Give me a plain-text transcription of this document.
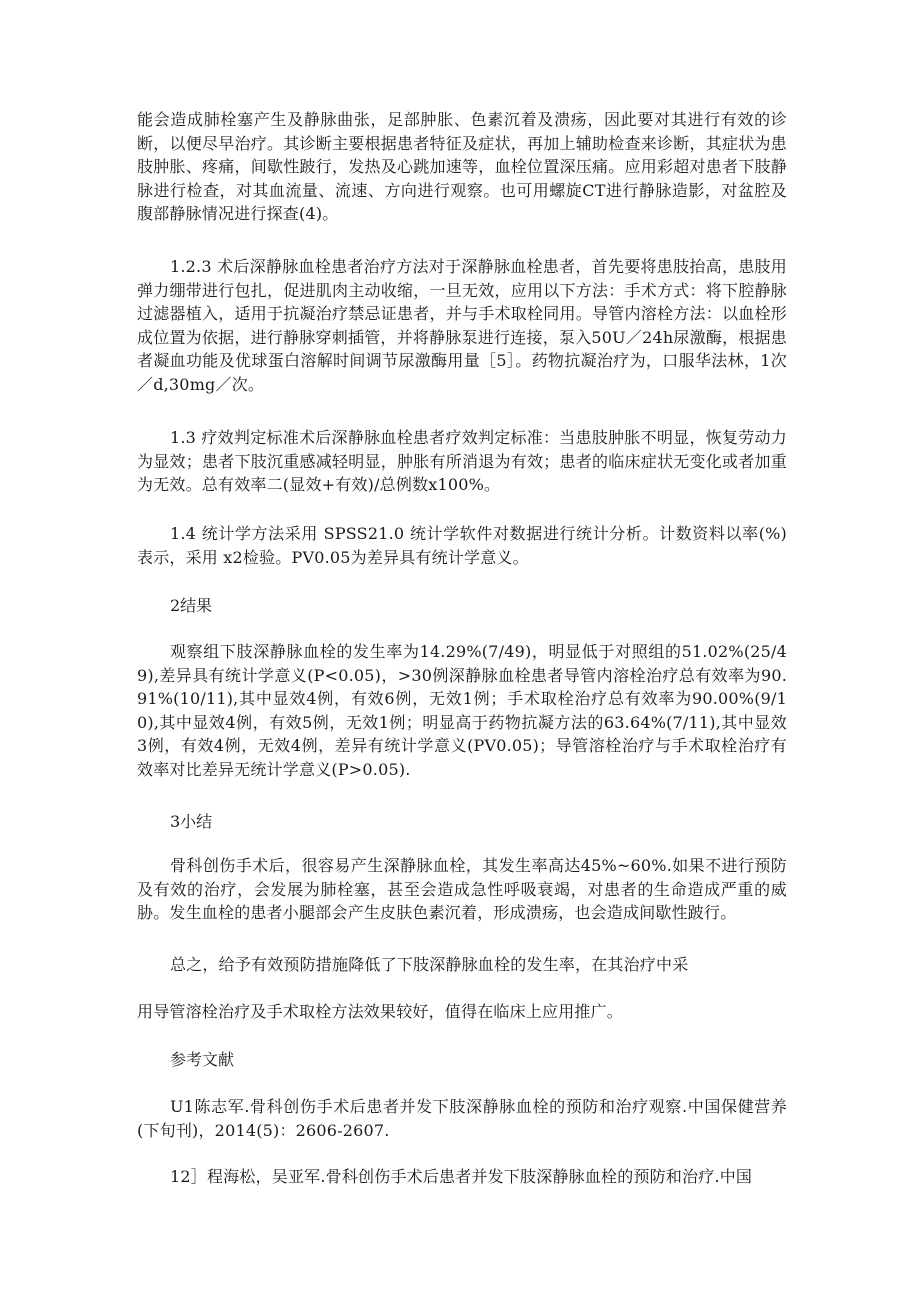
能会造成肺栓塞产生及静脉曲张，足部肿胀、色素沉着及溃疡，因此要对其进行有效的诊断，以便尽早治疗。其诊断主要根据患者特征及症状，再加上辅助检查来诊断，其症状为患肢肿胀、疼痛，间歇性跛行，发热及心跳加速等，血栓位置深压痛。应用彩超对患者下肢静脉进行检查，对其血流量、流速、方向进行观察。也可用螺旋CT进行静脉造影，对盆腔及腹部静脉情况进行探查(4)。

1.2.3 术后深静脉血栓患者治疗方法对于深静脉血栓患者，首先要将患肢抬高，患肢用弹力绷带进行包扎，促进肌肉主动收缩，一旦无效，应用以下方法：手术方式：将下腔静脉过滤器植入，适用于抗凝治疗禁忌证患者，并与手术取栓同用。导管内溶栓方法：以血栓形成位置为依据，进行静脉穿刺插管，并将静脉泵进行连接，泵入50U／24h尿激酶，根据患者凝血功能及优球蛋白溶解时间调节尿激酶用量［5］。药物抗凝治疗为，口服华法林，1次／d,30mg／次。

1.3 疗效判定标准术后深静脉血栓患者疗效判定标准：当患肢肿胀不明显，恢复劳动力为显效；患者下肢沉重感减轻明显，肿胀有所消退为有效；患者的临床症状无变化或者加重为无效。总有效率二(显效+有效)/总例数x100%。

1.4 统计学方法采用 SPSS21.0 统计学软件对数据进行统计分析。计数资料以率(%)表示，采用 x2检验。PV0.05为差异具有统计学意义。

2结果

观察组下肢深静脉血栓的发生率为14.29%(7/49)，明显低于对照组的51.02%(25/49),差异具有统计学意义(P<0.05)，>30例深静脉血栓患者导管内溶栓治疗总有效率为90.91%(10/11),其中显效4例，有效6例，无效1例；手术取栓治疗总有效率为90.00%(9/10),其中显效4例，有效5例，无效1例；明显高于药物抗凝方法的63.64%(7/11),其中显效3例，有效4例，无效4例，差异有统计学意义(PV0.05)；导管溶栓治疗与手术取栓治疗有效率对比差异无统计学意义(P>0.05).

3小结

骨科创伤手术后，很容易产生深静脉血栓，其发生率高达45%~60%.如果不进行预防及有效的治疗，会发展为肺栓塞，甚至会造成急性呼吸衰竭，对患者的生命造成严重的威胁。发生血栓的患者小腿部会产生皮肤色素沉着，形成溃疡，也会造成间歇性跛行。

总之，给予有效预防措施降低了下肢深静脉血栓的发生率，在其治疗中采

用导管溶栓治疗及手术取栓方法效果较好，值得在临床上应用推广。

参考文献

U1陈志军.骨科创伤手术后患者并发下肢深静脉血栓的预防和治疗观察.中国保健营养(下旬刊)，2014(5)：2606-2607.

12］程海松，吴亚军.骨科创伤手术后患者并发下肢深静脉血栓的预防和治疗.中国
